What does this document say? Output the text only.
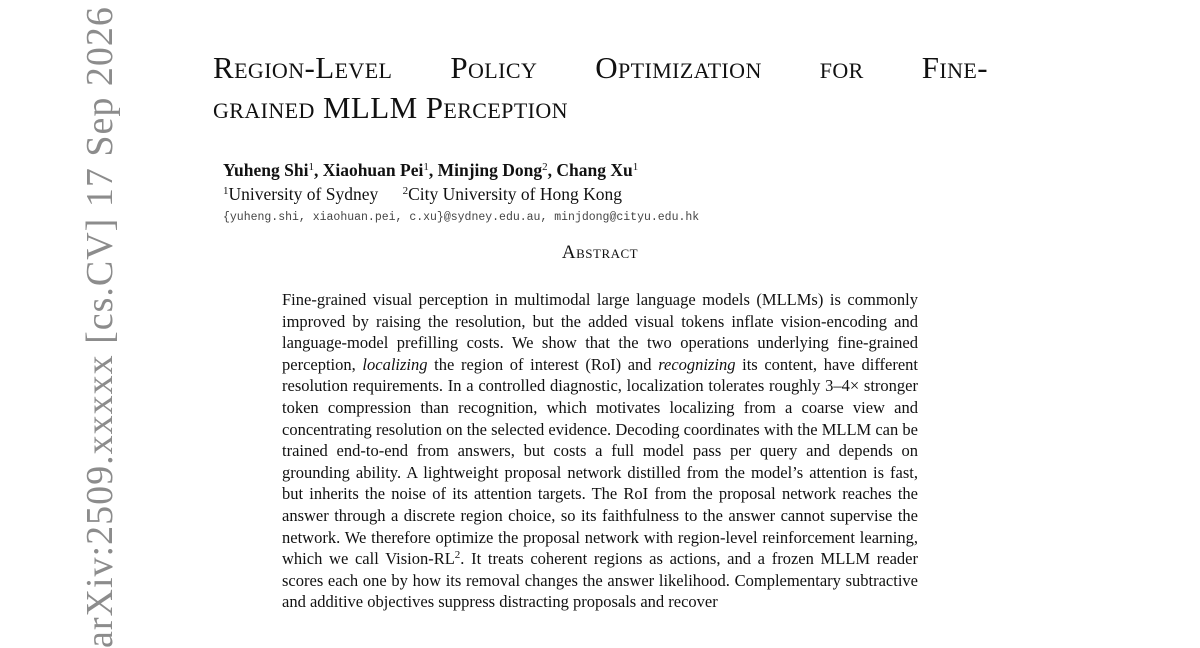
Region-Level Policy Optimization for Fine-
grained MLLM Perception
Yuheng Shi$^1$, Xiaohuan Pei$^1$, Minjing Dong$^2$, Chang Xu$^1$
$^1$University of Sydney $^2$City University of Hong Kong
{yuheng.shi, xiaohuan.pei, c.xu}@sydney.edu.au, minjdong@cityu.edu.hk
Abstract

Fine-grained visual perception in multimodal large language models (MLLMs) is commonly improved by raising the resolution, but the added visual tokens inflate vision-encoding and language-model prefilling costs. We show that the two operations underlying fine-grained perception, localizing the region of interest (RoI) and recognizing its content, have different resolution requirements. In a controlled diagnostic, localization tolerates roughly 3–4× stronger token compression than recognition, which motivates localizing from a coarse view and concentrating resolution on the selected evidence. Decoding coordinates with the MLLM can be trained end-to-end from answers, but costs a full model pass per query and depends on grounding ability. A lightweight proposal network distilled from the model’s attention is fast, but inherits the noise of its attention targets. The RoI from the proposal network reaches the answer through a discrete region choice, so its faithfulness to the answer cannot supervise the network. We therefore optimize the proposal network with region-level reinforcement learning, which we call Vision-$RL^2$. It treats coherent regions as actions, and a frozen MLLM reader scores each one by how its removal changes the answer likelihood. Complementary subtractive and additive objectives suppress distracting proposals and recover

arXiv:2509.xxxxx [cs.CV] 17 Sep 2026
